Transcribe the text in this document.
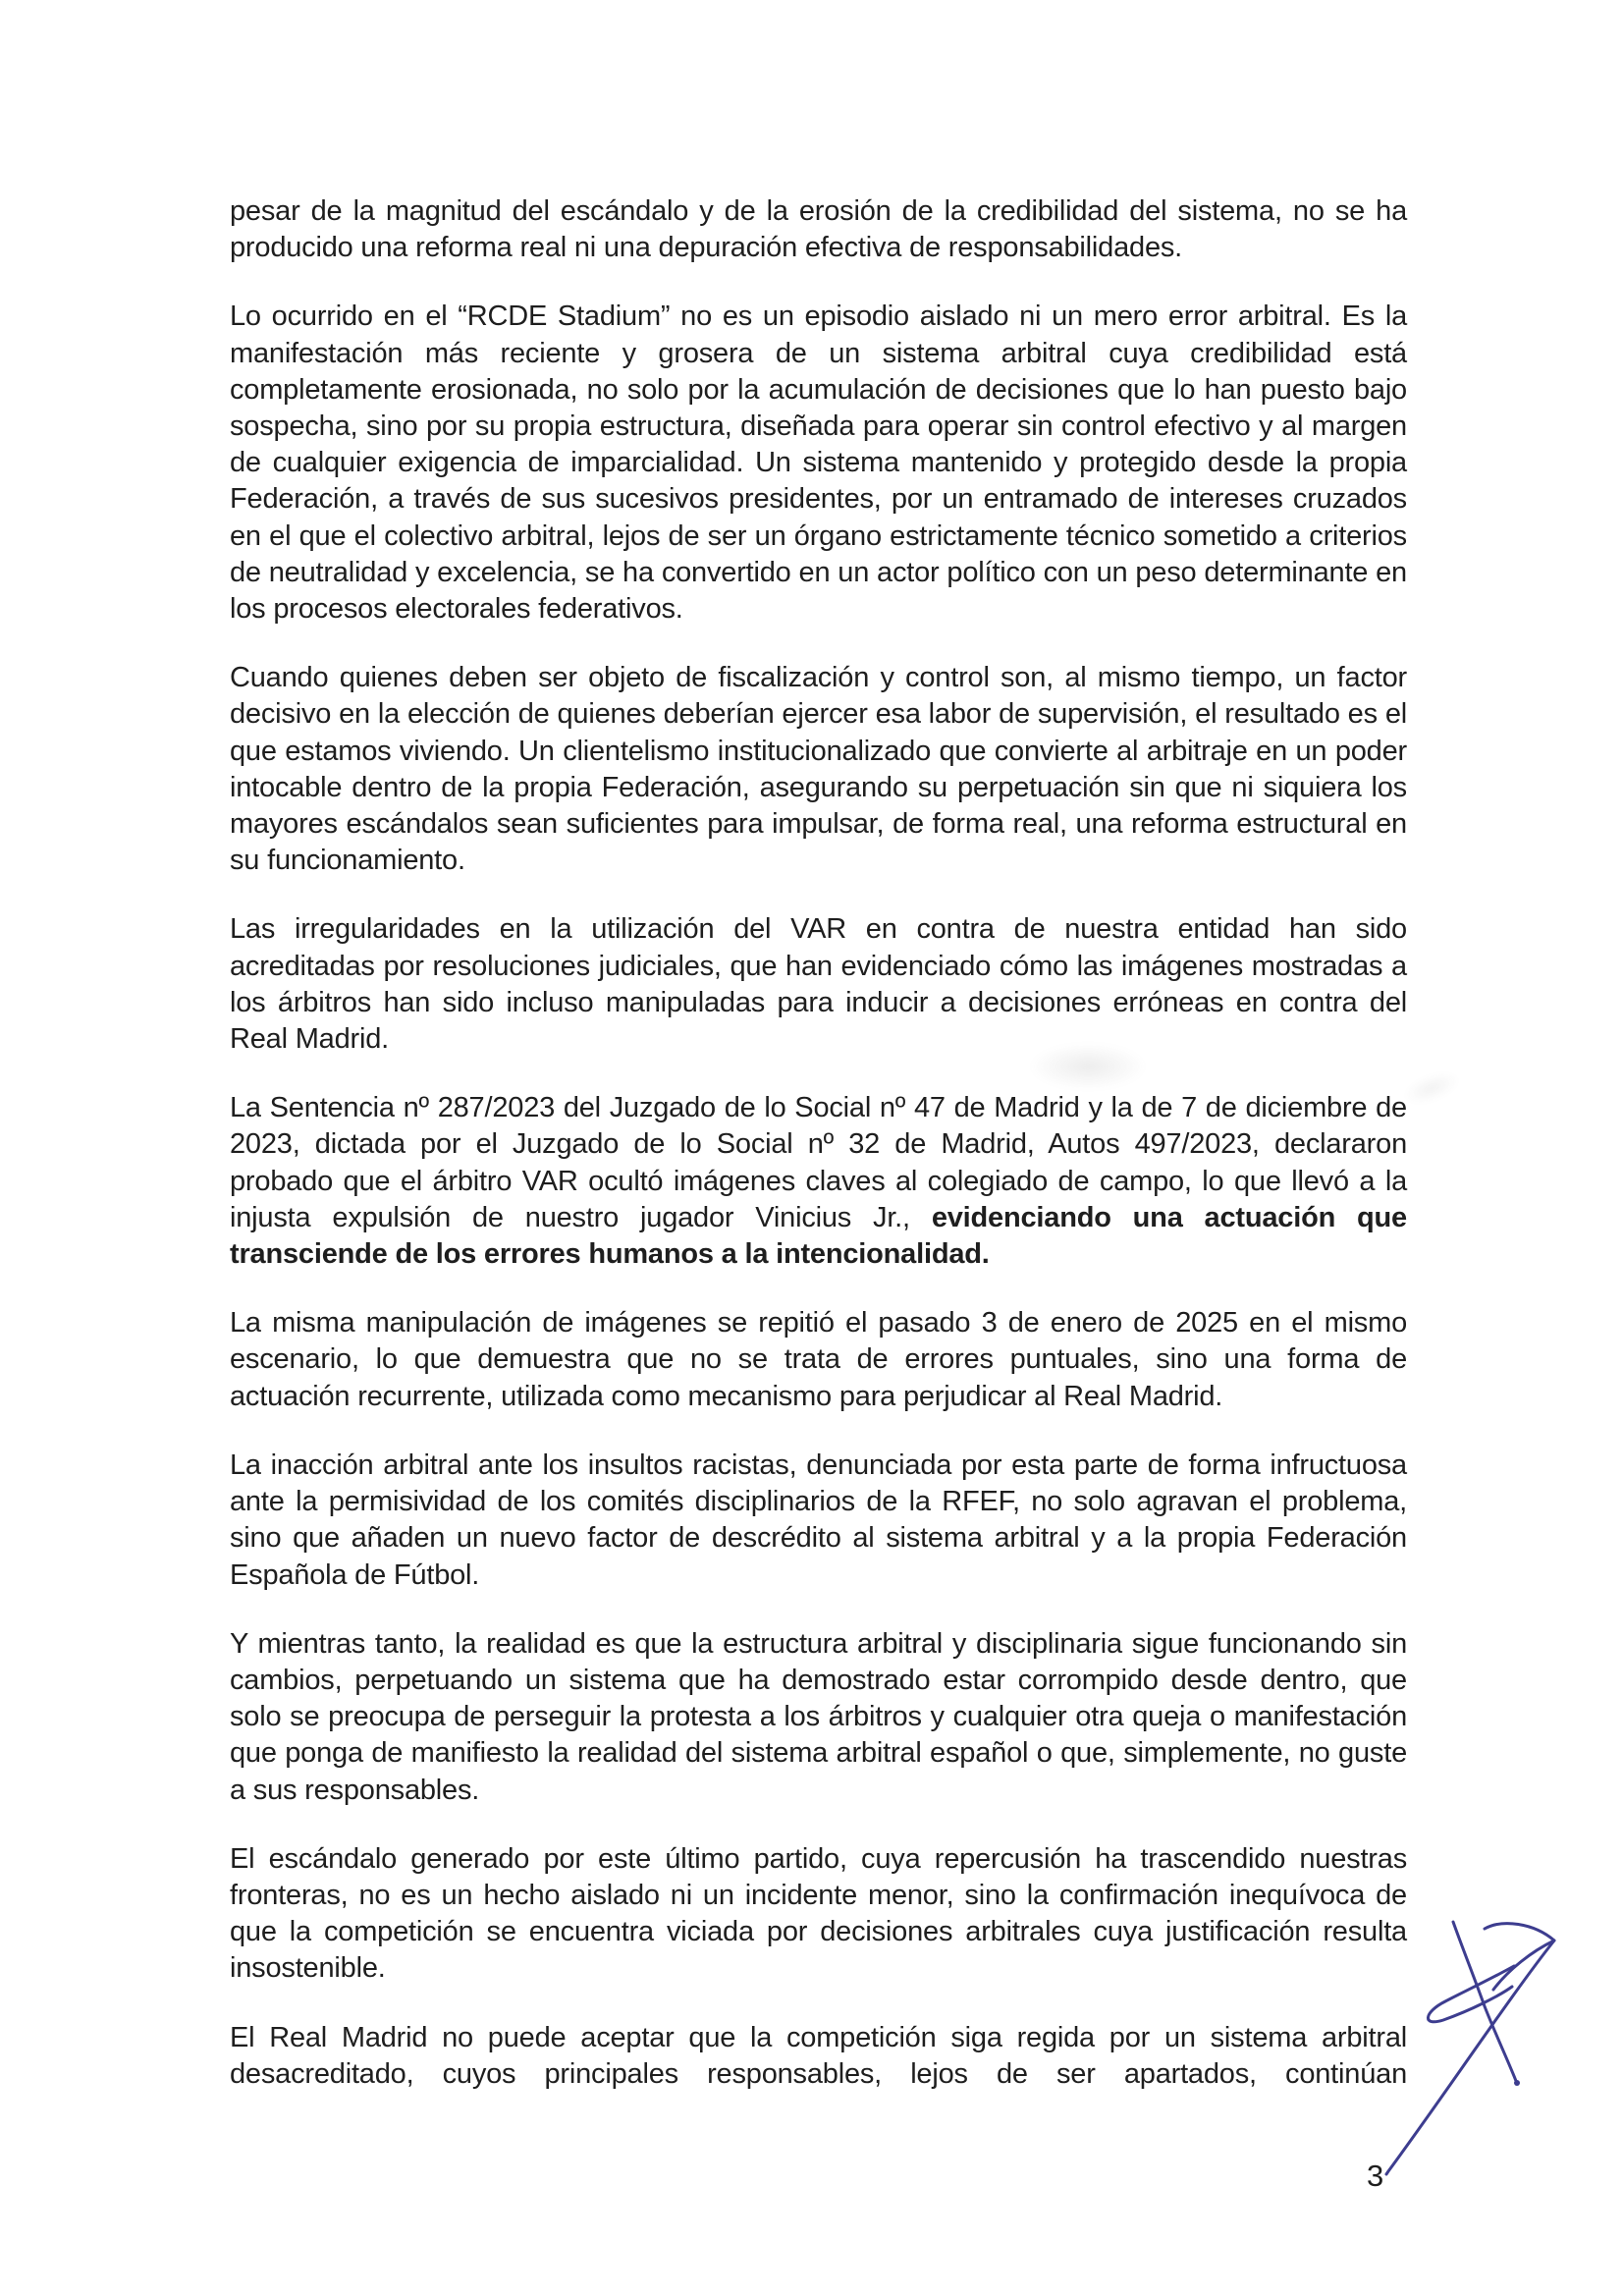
pesar de la magnitud del escándalo y de la erosión de la credibilidad del sistema, no se ha producido una reforma real ni una depuración efectiva de responsabilidades.

Lo ocurrido en el “RCDE Stadium” no es un episodio aislado ni un mero error arbitral. Es la manifestación más reciente y grosera de un sistema arbitral cuya credibilidad está completamente erosionada, no solo por la acumulación de decisiones que lo han puesto bajo sospecha, sino por su propia estructura, diseñada para operar sin control efectivo y al margen de cualquier exigencia de imparcialidad. Un sistema mantenido y protegido desde la propia Federación, a través de sus sucesivos presidentes, por un entramado de intereses cruzados en el que el colectivo arbitral, lejos de ser un órgano estrictamente técnico sometido a criterios de neutralidad y excelencia, se ha convertido en un actor político con un peso determinante en los procesos electorales federativos.

Cuando quienes deben ser objeto de fiscalización y control son, al mismo tiempo, un factor decisivo en la elección de quienes deberían ejercer esa labor de supervisión, el resultado es el que estamos viviendo. Un clientelismo institucionalizado que convierte al arbitraje en un poder intocable dentro de la propia Federación, asegurando su perpetuación sin que ni siquiera los mayores escándalos sean suficientes para impulsar, de forma real, una reforma estructural en su funcionamiento.

Las irregularidades en la utilización del VAR en contra de nuestra entidad han sido acreditadas por resoluciones judiciales, que han evidenciado cómo las imágenes mostradas a los árbitros han sido incluso manipuladas para inducir a decisiones erróneas en contra del Real Madrid.

La Sentencia nº 287/2023 del Juzgado de lo Social nº 47 de Madrid y la de 7 de diciembre de 2023, dictada por el Juzgado de lo Social nº 32 de Madrid, Autos 497/2023, declararon probado que el árbitro VAR ocultó imágenes claves al colegiado de campo, lo que llevó a la injusta expulsión de nuestro jugador Vinicius Jr., evidenciando una actuación que transciende de los errores humanos a la intencionalidad.

La misma manipulación de imágenes se repitió el pasado 3 de enero de 2025 en el mismo escenario, lo que demuestra que no se trata de errores puntuales, sino una forma de actuación recurrente, utilizada como mecanismo para perjudicar al Real Madrid.

La inacción arbitral ante los insultos racistas, denunciada por esta parte de forma infructuosa ante la permisividad de los comités disciplinarios de la RFEF, no solo agravan el problema, sino que añaden un nuevo factor de descrédito al sistema arbitral y a la propia Federación Española de Fútbol.

Y mientras tanto, la realidad es que la estructura arbitral y disciplinaria sigue funcionando sin cambios, perpetuando un sistema que ha demostrado estar corrompido desde dentro, que solo se preocupa de perseguir la protesta a los árbitros y cualquier otra queja o manifestación que ponga de manifiesto la realidad del sistema arbitral español o que, simplemente, no guste a sus responsables.

El escándalo generado por este último partido, cuya repercusión ha trascendido nuestras fronteras, no es un hecho aislado ni un incidente menor, sino la confirmación inequívoca de que la competición se encuentra viciada por decisiones arbitrales cuya justificación resulta insostenible.

El Real Madrid no puede aceptar que la competición siga regida por un sistema arbitral desacreditado, cuyos principales responsables, lejos de ser apartados, continúan

3
